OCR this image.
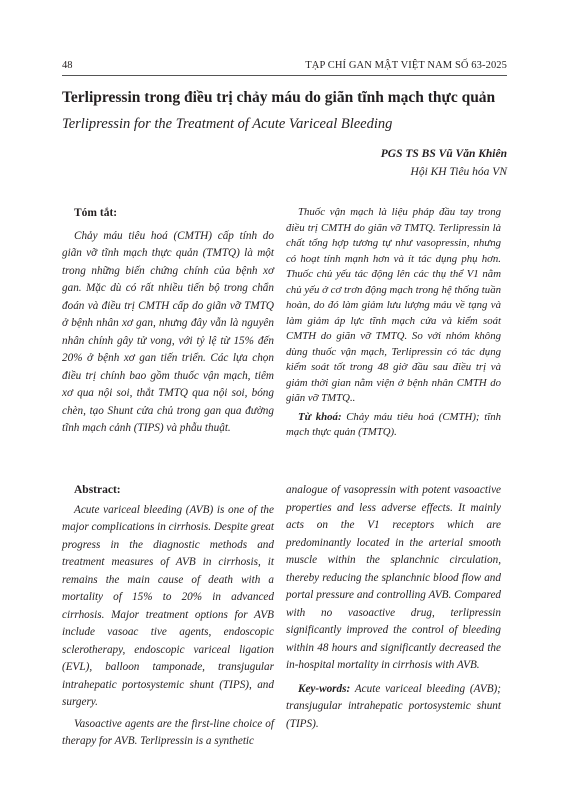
48	TẠP CHÍ GAN MẬT VIỆT NAM SỐ 63-2025
Terlipressin trong điều trị chảy máu do giãn tĩnh mạch thực quản
Terlipressin for the Treatment of Acute Variceal Bleeding
PGS TS BS Vũ Văn Khiên
Hội KH Tiêu hóa VN

Tóm tắt:

Chảy máu tiêu hoá (CMTH) cấp tính do giãn vỡ tĩnh mạch thực quản (TMTQ) là một trong những biến chứng chính của bệnh xơ gan. Mặc dù có rất nhiều tiến bộ trong chẩn đoán và điều trị CMTH cấp do giãn vỡ TMTQ ở bệnh nhân xơ gan, nhưng đây vẫn là nguyên nhân chính gây tử vong, với tỷ lệ từ 15% đến 20% ở bệnh xơ gan tiến triển. Các lựa chọn điều trị chính bao gồm thuốc vận mạch, tiêm xơ qua nội soi, thắt TMTQ qua nội soi, bóng chèn, tạo Shunt cửa chủ trong gan qua đường tĩnh mạch cảnh (TIPS) và phẫu thuật.

Thuốc vận mạch là liệu pháp đầu tay trong điều trị CMTH do giãn vỡ TMTQ. Terlipressin là chất tổng hợp tương tự như vasopressin, nhưng có hoạt tính mạnh hơn và ít tác dụng phụ hơn. Thuốc chủ yếu tác động lên các thụ thể V1 nằm chủ yếu ở cơ trơn động mạch trong hệ thống tuần hoàn, do đó làm giảm lưu lượng máu về tạng và làm giảm áp lực tĩnh mạch cửa và kiểm soát CMTH do giãn vỡ TMTQ. So với nhóm không dùng thuốc vận mạch, Terlipressin có tác dụng kiểm soát tốt trong 48 giờ đầu sau điều trị và giảm thời gian nằm viện ở bệnh nhân CMTH do giãn vỡ TMTQ..

Từ khoá: Chảy máu tiêu hoá (CMTH); tĩnh mạch thực quản (TMTQ).

Abstract:

Acute variceal bleeding (AVB) is one of the major complications in cirrhosis. Despite great progress in the diagnostic methods and treatment measures of AVB in cirrhosis, it remains the main cause of death with a mortality of 15% to 20% in advanced cirrhosis. Major treatment options for AVB include vasoac tive agents, endoscopic sclerotherapy, endoscopic variceal ligation (EVL), balloon tamponade, transjugular intrahepatic portosystemic shunt (TIPS), and surgery.

Vasoactive agents are the first-line choice of therapy for AVB. Terlipressin is a synthetic

analogue of vasopressin with potent vasoactive properties and less adverse effects. It mainly acts on the V1 receptors which are predominantly located in the arterial smooth muscle within the splanchnic circulation, thereby reducing the splanchnic blood flow and portal pressure and controlling AVB. Compared with no vasoactive drug, terlipressin significantly improved the control of bleeding within 48 hours and significantly decreased the in-hospital mortality in cirrhosis with AVB.

Key-words: Acute variceal bleeding (AVB); transjugular intrahepatic portosystemic shunt (TIPS).
